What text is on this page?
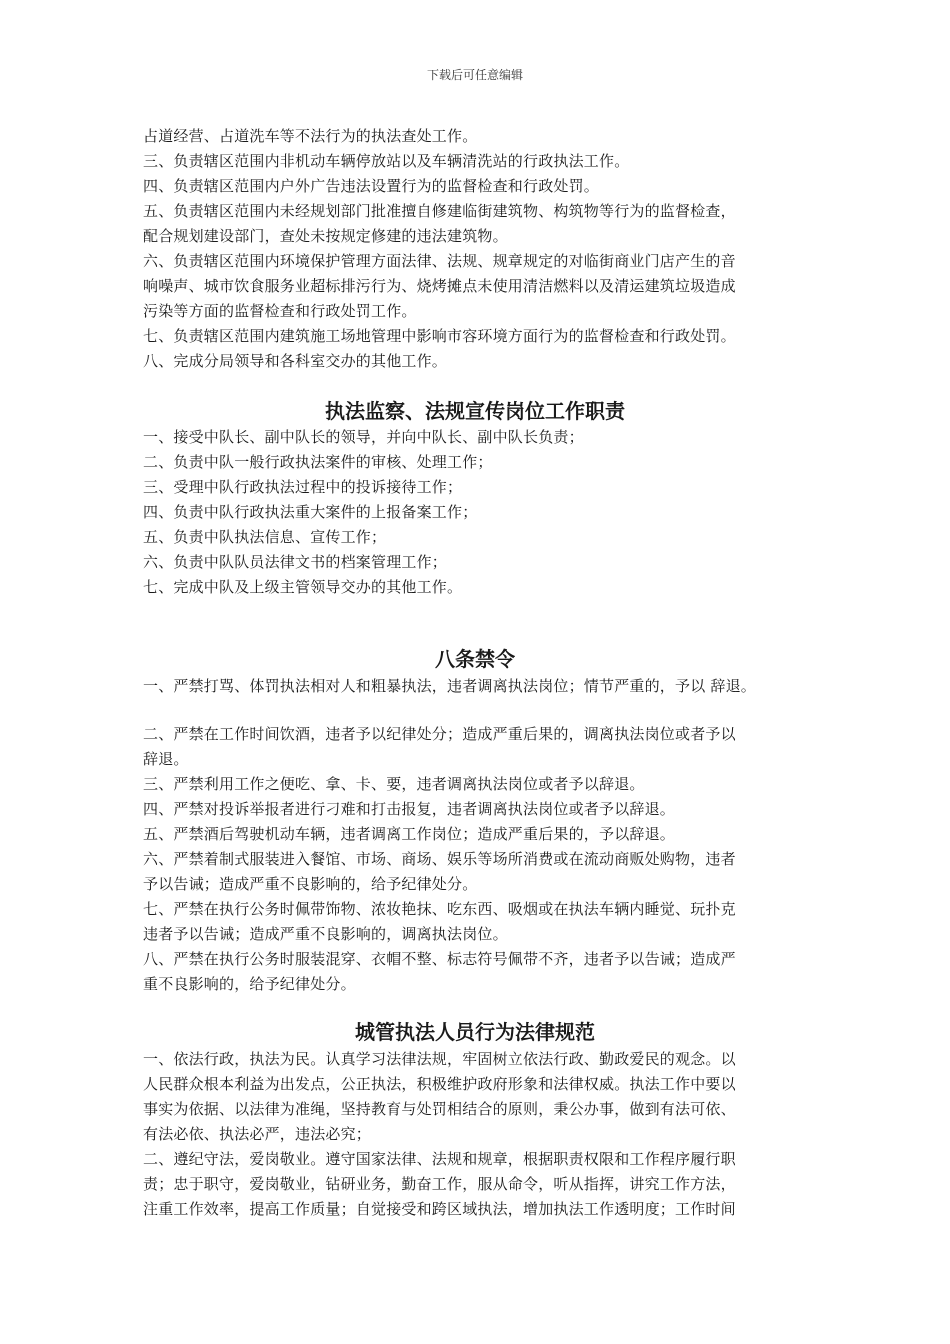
下载后可任意编辑
占道经营、占道洗车等不法行为的执法查处工作。
三、负责辖区范围内非机动车辆停放站以及车辆清洗站的行政执法工作。
四、负责辖区范围内户外广告违法设置行为的监督检查和行政处罚。
五、负责辖区范围内未经规划部门批准擅自修建临街建筑物、构筑物等行为的监督检查，
配合规划建设部门，查处未按规定修建的违法建筑物。
六、负责辖区范围内环境保护管理方面法律、法规、规章规定的对临街商业门店产生的音
响噪声、城市饮食服务业超标排污行为、烧烤摊点未使用清洁燃料以及清运建筑垃圾造成
污染等方面的监督检查和行政处罚工作。
七、负责辖区范围内建筑施工场地管理中影响市容环境方面行为的监督检查和行政处罚。
八、完成分局领导和各科室交办的其他工作。
执法监察、法规宣传岗位工作职责
一、接受中队长、副中队长的领导，并向中队长、副中队长负责；
二、负责中队一般行政执法案件的审核、处理工作；
三、受理中队行政执法过程中的投诉接待工作；
四、负责中队行政执法重大案件的上报备案工作；
五、负责中队执法信息、宣传工作；
六、负责中队队员法律文书的档案管理工作；
七、完成中队及上级主管领导交办的其他工作。
八条禁令
一、严禁打骂、体罚执法相对人和粗暴执法，违者调离执法岗位；情节严重的，予以 辞退。
二、严禁在工作时间饮酒，违者予以纪律处分；造成严重后果的，调离执法岗位或者予以
辞退。
三、严禁利用工作之便吃、拿、卡、要，违者调离执法岗位或者予以辞退。
四、严禁对投诉举报者进行刁难和打击报复，违者调离执法岗位或者予以辞退。
五、严禁酒后驾驶机动车辆，违者调离工作岗位；造成严重后果的，予以辞退。
六、严禁着制式服装进入餐馆、市场、商场、娱乐等场所消费或在流动商贩处购物，违者
予以告诫；造成严重不良影响的，给予纪律处分。
七、严禁在执行公务时佩带饰物、浓妆艳抹、吃东西、吸烟或在执法车辆内睡觉、玩扑克
违者予以告诫；造成严重不良影响的，调离执法岗位。
八、严禁在执行公务时服装混穿、衣帽不整、标志符号佩带不齐，违者予以告诫；造成严
重不良影响的，给予纪律处分。
城管执法人员行为法律规范
一、依法行政，执法为民。认真学习法律法规，牢固树立依法行政、勤政爱民的观念。以
人民群众根本利益为出发点，公正执法，积极维护政府形象和法律权威。执法工作中要以
事实为依据、以法律为准绳，坚持教育与处罚相结合的原则，秉公办事，做到有法可依、
有法必依、执法必严，违法必究；
二、遵纪守法，爱岗敬业。遵守国家法律、法规和规章，根据职责权限和工作程序履行职
责；忠于职守，爱岗敬业，钻研业务，勤奋工作，服从命令，听从指挥，讲究工作方法，
注重工作效率，提高工作质量；自觉接受和跨区域执法，增加执法工作透明度；工作时间
